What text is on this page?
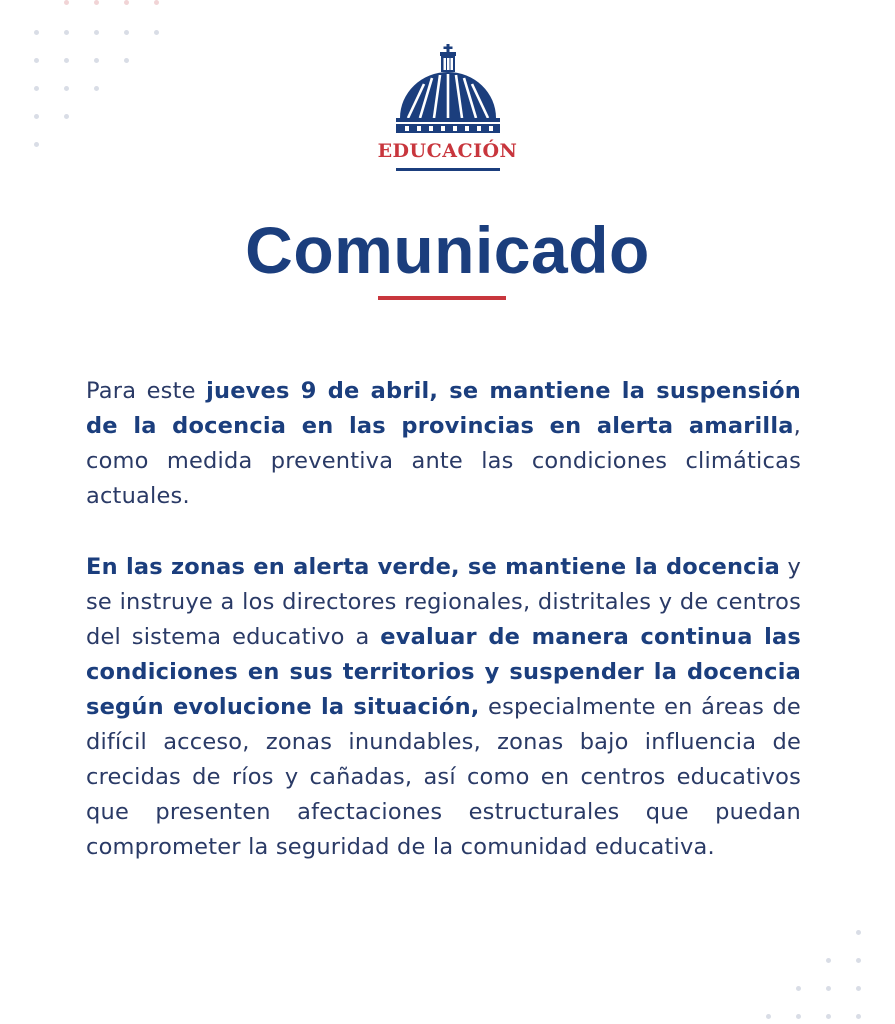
EDUCACIÓN
Comunicado

Para este jueves 9 de abril, se mantiene la suspensión de la docencia en las provincias en alerta amarilla, como medida preventiva ante las condiciones climáticas actuales.

En las zonas en alerta verde, se mantiene la docencia y se instruye a los directores regionales, distritales y de centros del sistema educativo a evaluar de manera continua las condiciones en sus territorios y suspender la docencia según evolucione la situación, especialmente en áreas de difícil acceso, zonas inundables, zonas bajo influencia de crecidas de ríos y cañadas, así como en centros educativos que presenten afectaciones estructurales que puedan comprometer la seguridad de la comunidad educativa.
